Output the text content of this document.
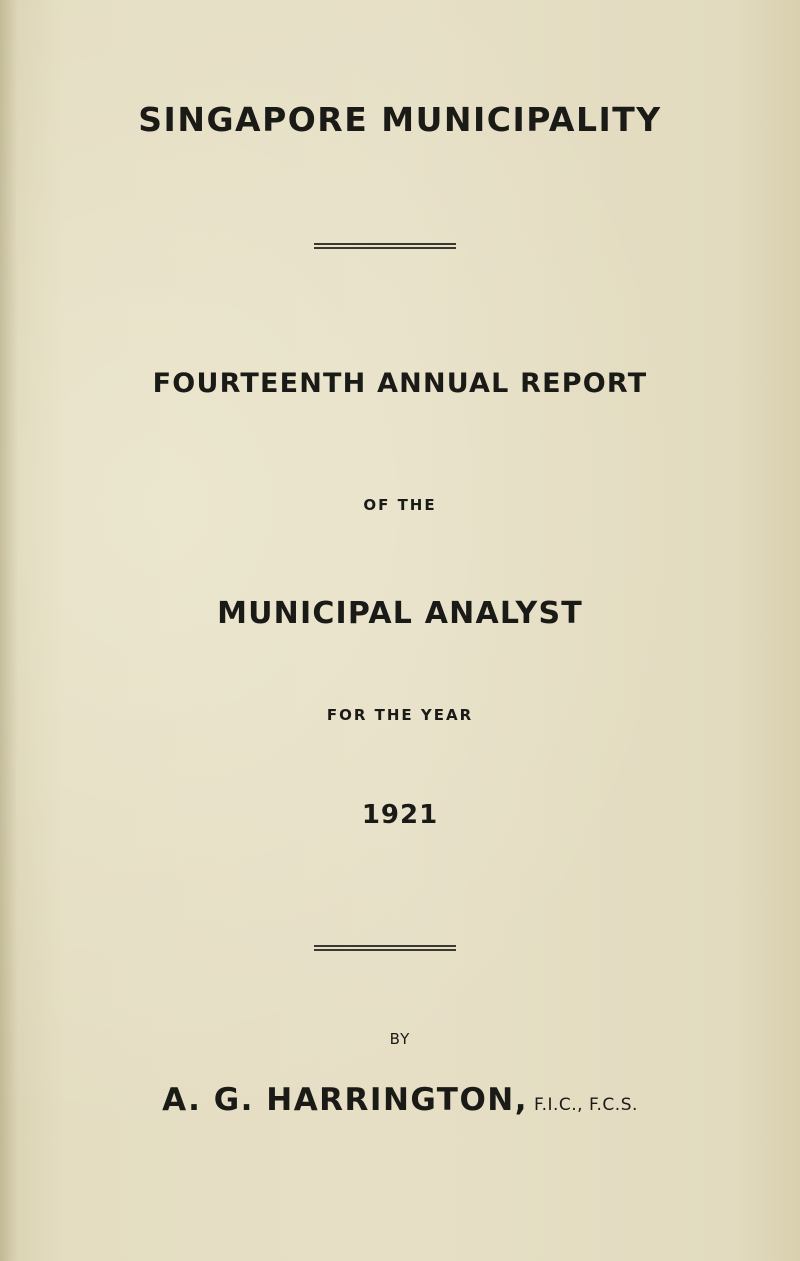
SINGAPORE MUNICIPALITY
FOURTEENTH ANNUAL REPORT
OF THE
MUNICIPAL ANALYST
FOR THE YEAR
1921
BY
A. G. HARRINGTON, F.I.C., F.C.S.
